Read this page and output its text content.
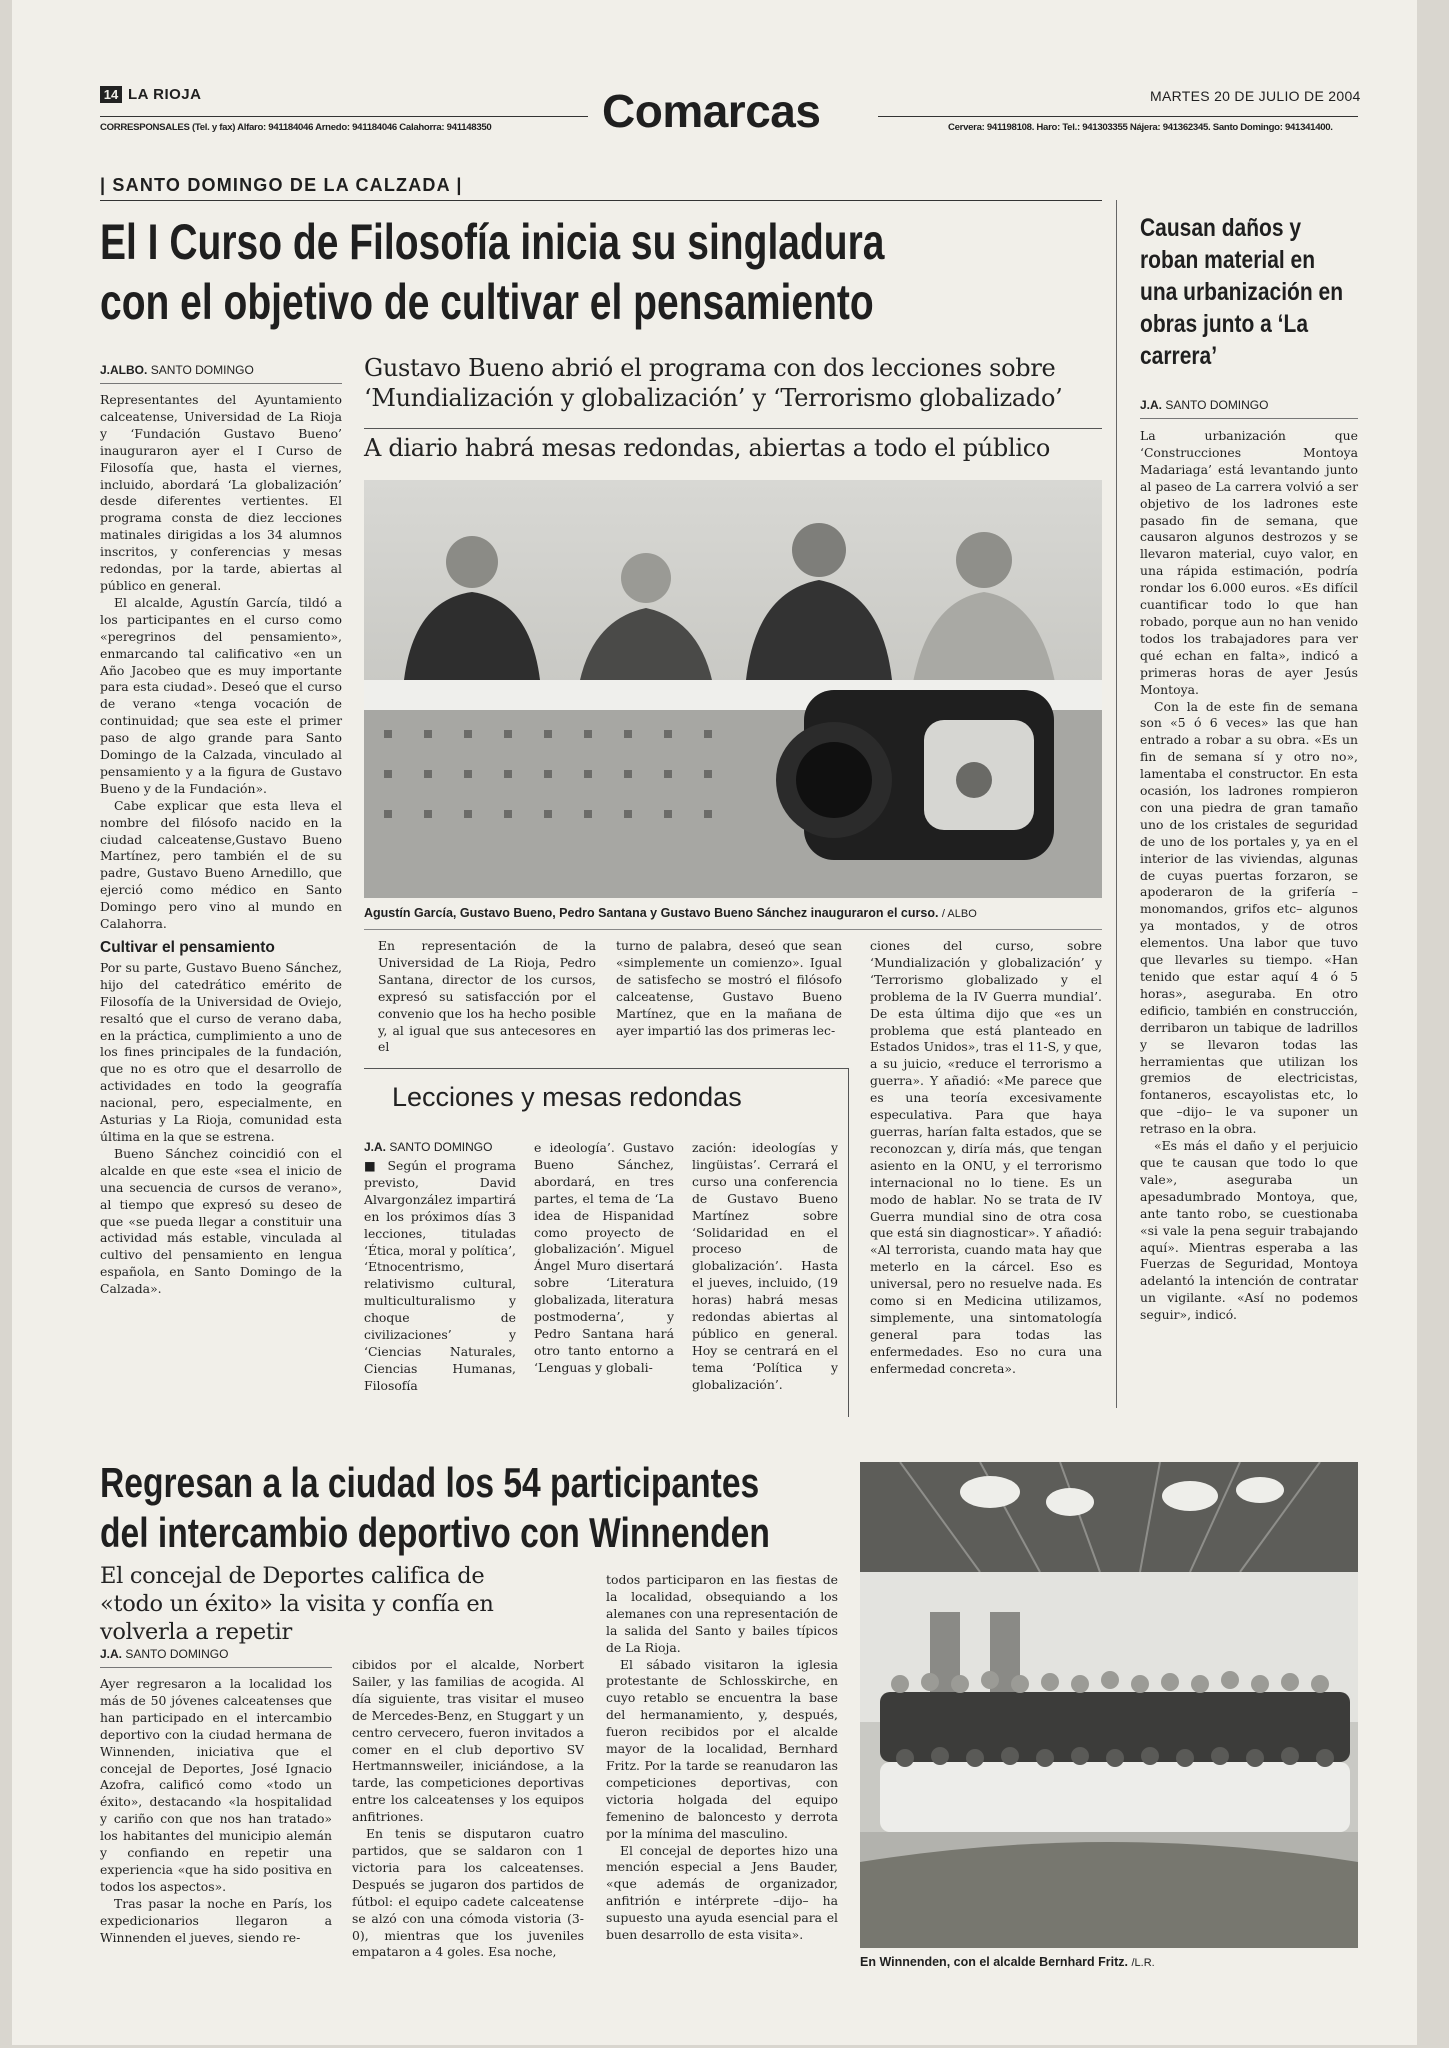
14 LA RIOJA
CORRESPONSALES (Tel. y fax) Alfaro: 941184046 Arnedo: 941184046 Calahorra: 941148350 Comarcas	MARTES 20 DE JULIO DE 2004
Cervera: 941198108. Haro: Tel.: 941303355 Nájera: 941362345. Santo Domingo: 941341400.
| SANTO DOMINGO DE LA CALZADA |
El I Curso de Filosofía inicia su singladura
con el objetivo de cultivar el pensamiento
J.ALBO. SANTO DOMINGO

Representantes del Ayuntamiento calceatense, Universidad de La Rioja y ‘Fundación Gustavo Bueno’ inauguraron ayer el I Curso de Filosofía que, hasta el viernes, incluido, abordará ‘La globalización’ desde diferentes vertientes. El programa consta de diez lecciones matinales dirigidas a los 34 alumnos inscritos, y conferencias y mesas redondas, por la tarde, abiertas al público en general.

El alcalde, Agustín García, tildó a los participantes en el curso como «peregrinos del pensamiento», enmarcando tal calificativo «en un Año Jacobeo que es muy importante para esta ciudad». Deseó que el curso de verano «tenga vocación de continuidad; que sea este el primer paso de algo grande para Santo Domingo de la Calzada, vinculado al pensamiento y a la figura de Gustavo Bueno y de la Fundación».

Cabe explicar que esta lleva el nombre del filósofo nacido en la ciudad calceatense,Gustavo Bueno Martínez, pero también el de su padre, Gustavo Bueno Arnedillo, que ejerció como médico en Santo Domingo pero vino al mundo en Calahorra.

Cultivar el pensamiento

Por su parte, Gustavo Bueno Sánchez, hijo del catedrático emérito de Filosofía de la Universidad de Oviejo, resaltó que el curso de verano daba, en la práctica, cumplimiento a uno de los fines principales de la fundación, que no es otro que el desarrollo de actividades en todo la geografía nacional, pero, especialmente, en Asturias y La Rioja, comunidad esta última en la que se estrena.

Bueno Sánchez coincidió con el alcalde en que este «sea el inicio de una secuencia de cursos de verano», al tiempo que expresó su deseo de que «se pueda llegar a constituir una actividad más estable, vinculada al cultivo del pensamiento en lengua española, en Santo Domingo de la Calzada».

Gustavo Bueno abrió el programa con dos lecciones sobre
‘Mundialización y globalización’ y ‘Terrorismo globalizado’
A diario habrá mesas redondas, abiertas a todo el público
Agustín García, Gustavo Bueno, Pedro Santana y Gustavo Bueno Sánchez inauguraron el curso. / ALBO

En representación de la Universidad de La Rioja, Pedro Santana, director de los cursos, expresó su satisfacción por el convenio que los ha hecho posible y, al igual que sus antecesores en el

turno de palabra, deseó que sean «simplemente un comienzo». Igual de satisfecho se mostró el filósofo calceatense, Gustavo Bueno Martínez, que en la mañana de ayer impartió las dos primeras lec-

ciones del curso, sobre ‘Mundialización y globalización’ y ‘Terrorismo globalizado y el problema de la IV Guerra mundial’. De esta última dijo que «es un problema que está planteado en Estados Unidos», tras el 11-S, y que, a su juicio, «reduce el terrorismo a guerra». Y añadió: «Me parece que es una teoría excesivamente especulativa. Para que haya guerras, harían falta estados, que se reconozcan y, diría más, que tengan asiento en la ONU, y el terrorismo internacional no lo tiene. Es un modo de hablar. No se trata de IV Guerra mundial sino de otra cosa que está sin diagnosticar». Y añadió: «Al terrorista, cuando mata hay que meterlo en la cárcel. Eso es universal, pero no resuelve nada. Es como si en Medicina utilizamos, simplemente, una sintomatología general para todas las enfermedades. Eso no cura una enfermedad concreta».

Lecciones y mesas redondas
J.A. SANTO DOMINGO

■ Según el programa previsto, David Alvargonzález impartirá en los próximos días 3 lecciones, tituladas ‘Ética, moral y política’, ‘Etnocentrismo, relativismo cultural, multiculturalismo y choque de civilizaciones’ y ‘Ciencias Naturales, Ciencias Humanas, Filosofía

e ideología’. Gustavo Bueno Sánchez, abordará, en tres partes, el tema de ‘La idea de Hispanidad como proyecto de globalización’. Miguel Ángel Muro disertará sobre ‘Literatura globalizada, literatura postmoderna’, y Pedro Santana hará otro tanto entorno a ‘Lenguas y globali-

zación: ideologías y lingüistas’. Cerrará el curso una conferencia de Gustavo Bueno Martínez sobre ‘Solidaridad en el proceso de globalización’. Hasta el jueves, incluido, (19 horas) habrá mesas redondas abiertas al público en general. Hoy se centrará en el tema ‘Política y globalización’.

Causan daños y roban material en una urbanización en obras junto a ‘La carrera’
J.A. SANTO DOMINGO

La urbanización que ‘Construcciones Montoya Madariaga’ está levantando junto al paseo de La carrera volvió a ser objetivo de los ladrones este pasado fin de semana, que causaron algunos destrozos y se llevaron material, cuyo valor, en una rápida estimación, podría rondar los 6.000 euros. «Es difícil cuantificar todo lo que han robado, porque aun no han venido todos los trabajadores para ver qué echan en falta», indicó a primeras horas de ayer Jesús Montoya.

Con la de este fin de semana son «5 ó 6 veces» las que han entrado a robar a su obra. «Es un fin de semana sí y otro no», lamentaba el constructor. En esta ocasión, los ladrones rompieron con una piedra de gran tamaño uno de los cristales de seguridad de uno de los portales y, ya en el interior de las viviendas, algunas de cuyas puertas forzaron, se apoderaron de la grifería –monomandos, grifos etc– algunos ya montados, y de otros elementos. Una labor que tuvo que llevarles su tiempo. «Han tenido que estar aquí 4 ó 5 horas», aseguraba. En otro edificio, también en construcción, derribaron un tabique de ladrillos y se llevaron todas las herramientas que utilizan los gremios de electricistas, fontaneros, escayolistas etc, lo que –dijo– le va suponer un retraso en la obra.

«Es más el daño y el perjuicio que te causan que todo lo que vale», aseguraba un apesadumbrado Montoya, que, ante tanto robo, se cuestionaba «si vale la pena seguir trabajando aquí». Mientras esperaba a las Fuerzas de Seguridad, Montoya adelantó la intención de contratar un vigilante. «Así no podemos seguir», indicó.

Regresan a la ciudad los 54 participantes
del intercambio deportivo con Winnenden
El concejal de Deportes califica de «todo un éxito» la visita y confía en volverla a repetir
J.A. SANTO DOMINGO

Ayer regresaron a la localidad los más de 50 jóvenes calceatenses que han participado en el intercambio deportivo con la ciudad hermana de Winnenden, iniciativa que el concejal de Deportes, José Ignacio Azofra, calificó como «todo un éxito», destacando «la hospitalidad y cariño con que nos han tratado» los habitantes del municipio alemán y confiando en repetir una experiencia «que ha sido positiva en todos los aspectos».

Tras pasar la noche en París, los expedicionarios llegaron a Winnenden el jueves, siendo re-

cibidos por el alcalde, Norbert Sailer, y las familias de acogida. Al día siguiente, tras visitar el museo de Mercedes-Benz, en Stuggart y un centro cervecero, fueron invitados a comer en el club deportivo SV Hertmannsweiler, iniciándose, a la tarde, las competiciones deportivas entre los calceatenses y los equipos anfitriones.

En tenis se disputaron cuatro partidos, que se saldaron con 1 victoria para los calceatenses. Después se jugaron dos partidos de fútbol: el equipo cadete calceatense se alzó con una cómoda vistoria (3-0), mientras que los juveniles empataron a 4 goles. Esa noche,

todos participaron en las fiestas de la localidad, obsequiando a los alemanes con una representación de la salida del Santo y bailes típicos de La Rioja.

El sábado visitaron la iglesia protestante de Schlosskirche, en cuyo retablo se encuentra la base del hermanamiento, y, después, fueron recibidos por el alcalde mayor de la localidad, Bernhard Fritz. Por la tarde se reanudaron las competiciones deportivas, con victoria holgada del equipo femenino de baloncesto y derrota por la mínima del masculino.

El concejal de deportes hizo una mención especial a Jens Bauder, «que además de organizador, anfitrión e intérprete –dijo– ha supuesto una ayuda esencial para el buen desarrollo de esta visita».

En Winnenden, con el alcalde Bernhard Fritz. /L.R.
